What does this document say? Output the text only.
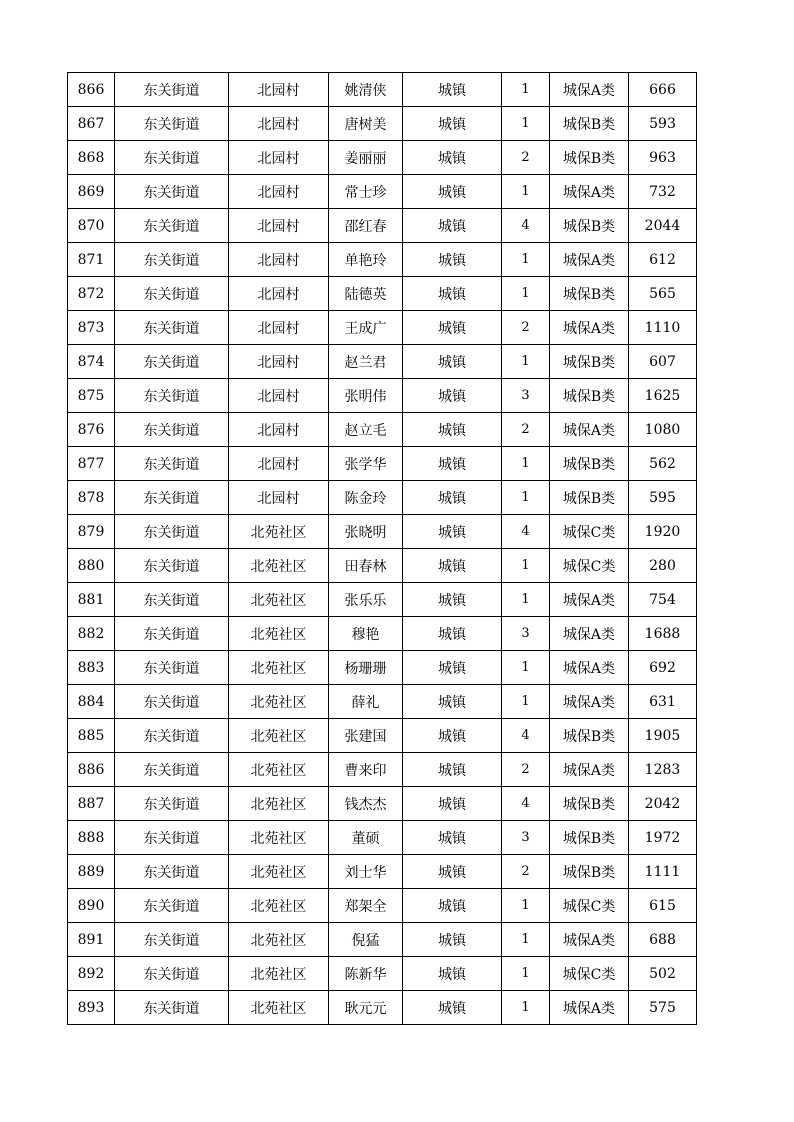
866	东关街道	北园村	姚清侠	城镇	1	城保A类	666
867	东关街道	北园村	唐树美	城镇	1	城保B类	593
868	东关街道	北园村	姜丽丽	城镇	2	城保B类	963
869	东关街道	北园村	常士珍	城镇	1	城保A类	732
870	东关街道	北园村	邵红春	城镇	4	城保B类	2044
871	东关街道	北园村	单艳玲	城镇	1	城保A类	612
872	东关街道	北园村	陆德英	城镇	1	城保B类	565
873	东关街道	北园村	王成广	城镇	2	城保A类	1110
874	东关街道	北园村	赵兰君	城镇	1	城保B类	607
875	东关街道	北园村	张明伟	城镇	3	城保B类	1625
876	东关街道	北园村	赵立毛	城镇	2	城保A类	1080
877	东关街道	北园村	张学华	城镇	1	城保B类	562
878	东关街道	北园村	陈金玲	城镇	1	城保B类	595
879	东关街道	北苑社区	张晓明	城镇	4	城保C类	1920
880	东关街道	北苑社区	田春林	城镇	1	城保C类	280
881	东关街道	北苑社区	张乐乐	城镇	1	城保A类	754
882	东关街道	北苑社区	穆艳	城镇	3	城保A类	1688
883	东关街道	北苑社区	杨珊珊	城镇	1	城保A类	692
884	东关街道	北苑社区	薛礼	城镇	1	城保A类	631
885	东关街道	北苑社区	张建国	城镇	4	城保B类	1905
886	东关街道	北苑社区	曹来印	城镇	2	城保A类	1283
887	东关街道	北苑社区	钱杰杰	城镇	4	城保B类	2042
888	东关街道	北苑社区	董硕	城镇	3	城保B类	1972
889	东关街道	北苑社区	刘士华	城镇	2	城保B类	1111
890	东关街道	北苑社区	郑架全	城镇	1	城保C类	615
891	东关街道	北苑社区	倪猛	城镇	1	城保A类	688
892	东关街道	北苑社区	陈新华	城镇	1	城保C类	502
893	东关街道	北苑社区	耿元元	城镇	1	城保A类	575
